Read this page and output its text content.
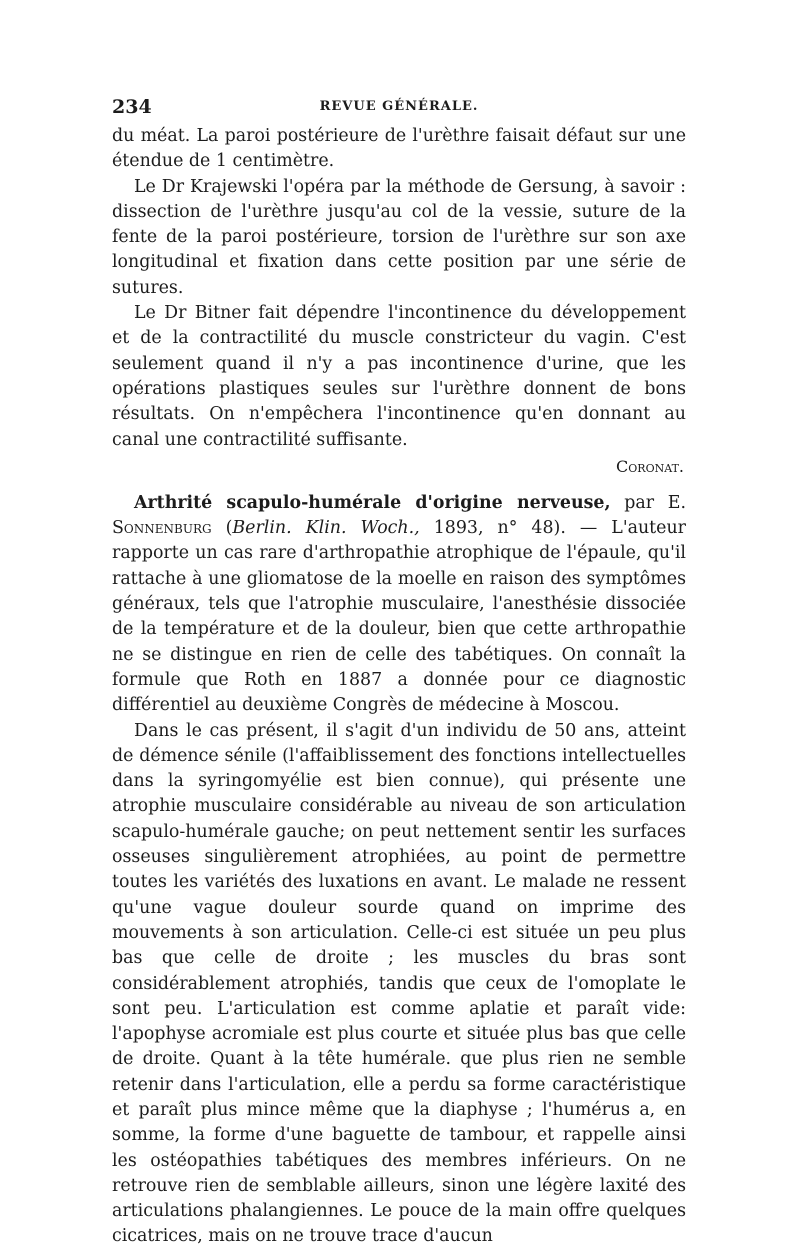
234	REVUE GÉNÉRALE.

du méat. La paroi postérieure de l'urèthre faisait défaut sur une étendue de 1 centimètre.

Le Dr Krajewski l'opéra par la méthode de Gersung, à savoir : dissection de l'urèthre jusqu'au col de la vessie, suture de la fente de la paroi postérieure, torsion de l'urèthre sur son axe longitudinal et fixation dans cette position par une série de sutures.

Le Dr Bitner fait dépendre l'incontinence du développement et de la contractilité du muscle constricteur du vagin. C'est seulement quand il n'y a pas incontinence d'urine, que les opérations plastiques seules sur l'urèthre donnent de bons résultats. On n'empêchera l'incontinence qu'en donnant au canal une contractilité suffisante.

Coronat.

Arthrité scapulo-humérale d'origine nerveuse, par E. Sonnenburg (Berlin. Klin. Woch., 1893, n° 48). — L'auteur rapporte un cas rare d'arthropathie atrophique de l'épaule, qu'il rattache à une gliomatose de la moelle en raison des symptômes généraux, tels que l'atrophie musculaire, l'anesthésie dissociée de la température et de la douleur, bien que cette arthropathie ne se distingue en rien de celle des tabétiques. On connaît la formule que Roth en 1887 a donnée pour ce diagnostic différentiel au deuxième Congrès de médecine à Moscou.

Dans le cas présent, il s'agit d'un individu de 50 ans, atteint de démence sénile (l'affaiblissement des fonctions intellectuelles dans la syringomyélie est bien connue), qui présente une atrophie musculaire considérable au niveau de son articulation scapulo-humérale gauche; on peut nettement sentir les surfaces osseuses singulièrement atrophiées, au point de permettre toutes les variétés des luxations en avant. Le malade ne ressent qu'une vague douleur sourde quand on imprime des mouvements à son articulation. Celle-ci est située un peu plus bas que celle de droite ; les muscles du bras sont considérablement atrophiés, tandis que ceux de l'omoplate le sont peu. L'articulation est comme aplatie et paraît vide: l'apophyse acromiale est plus courte et située plus bas que celle de droite. Quant à la tête humérale. que plus rien ne semble retenir dans l'articulation, elle a perdu sa forme caractéristique et paraît plus mince même que la diaphyse ; l'humérus a, en somme, la forme d'une baguette de tambour, et rappelle ainsi les ostéopathies tabétiques des membres inférieurs. On ne retrouve rien de semblable ailleurs, sinon une légère laxité des articulations phalangiennes. Le pouce de la main offre quelques cicatrices, mais on ne trouve trace d'aucun
